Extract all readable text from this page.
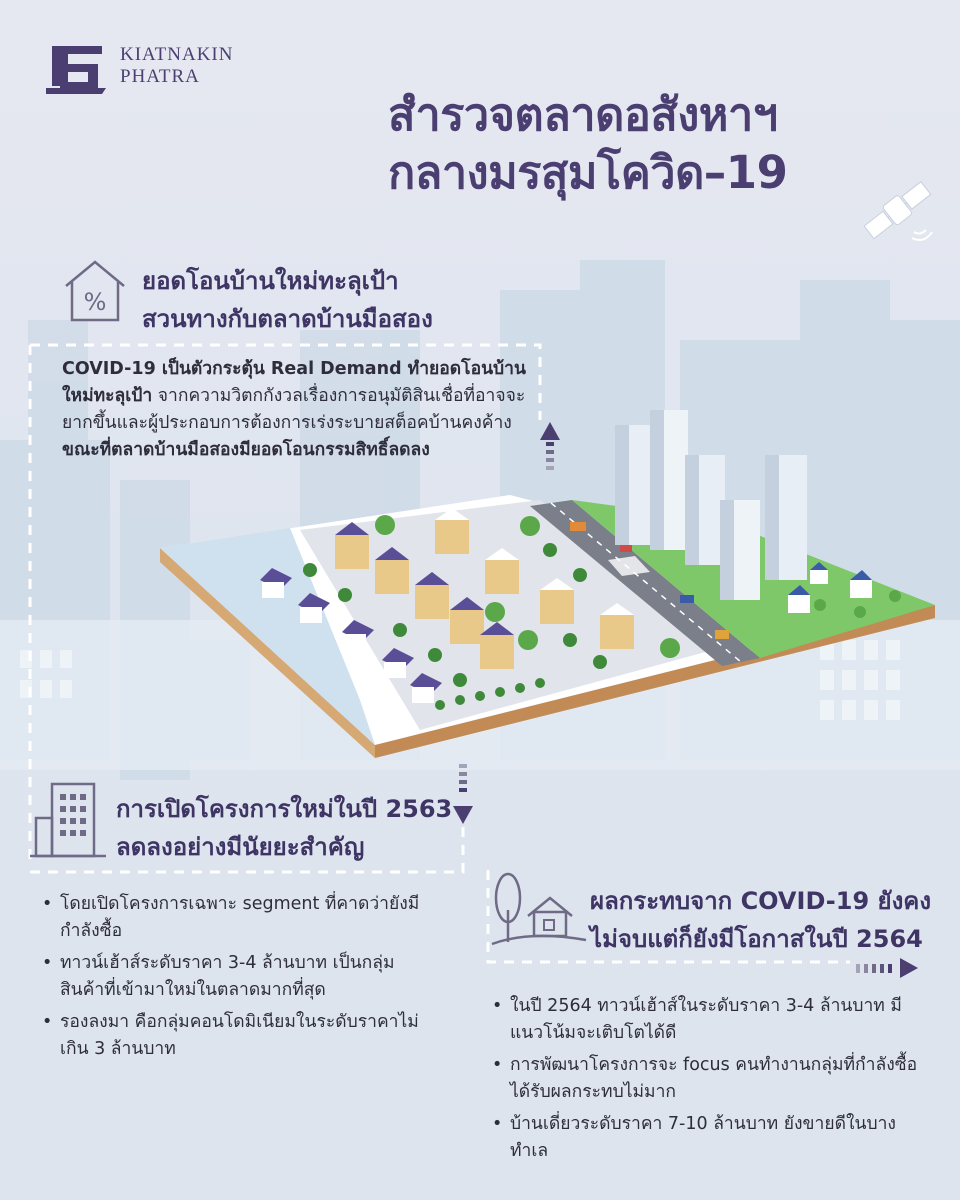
KIATNAKIN
PHATRA
สำรวจตลาดอสังหาฯ
กลางมรสุมโควิด–19
%
ยอดโอนบ้านใหม่ทะลุเป้า
สวนทางกับตลาดบ้านมือสอง
COVID-19 เป็นตัวกระตุ้น Real Demand ทำยอดโอนบ้านใหม่ทะลุเป้า จากความวิตกกังวลเรื่องการอนุมัติสินเชื่อที่อาจจะยากขึ้นและผู้ประกอบการต้องการเร่งระบายสต็อคบ้านคงค้าง ขณะที่ตลาดบ้านมือสองมียอดโอนกรรมสิทธิ์ลดลง
การเปิดโครงการใหม่ในปี 2563
ลดลงอย่างมีนัยยะสำคัญ
• โดยเปิดโครงการเฉพาะ segment ที่คาดว่ายังมีกำลังซื้อ
• ทาวน์เฮ้าส์ระดับราคา 3-4 ล้านบาท เป็นกลุ่มสินค้าที่เข้ามาใหม่ในตลาดมากที่สุด
• รองลงมา คือกลุ่มคอนโดมิเนียมในระดับราคาไม่เกิน 3 ล้านบาท
ผลกระทบจาก COVID-19 ยังคง
ไม่จบแต่ก็ยังมีโอกาสในปี 2564
• ในปี 2564 ทาวน์เฮ้าส์ในระดับราคา 3-4 ล้านบาท มีแนวโน้มจะเติบโตได้ดี
• การพัฒนาโครงการจะ focus คนทำงานกลุ่มที่กำลังซื้อได้รับผลกระทบไม่มาก
• บ้านเดี่ยวระดับราคา 7-10 ล้านบาท ยังขายดีในบางทำเล
